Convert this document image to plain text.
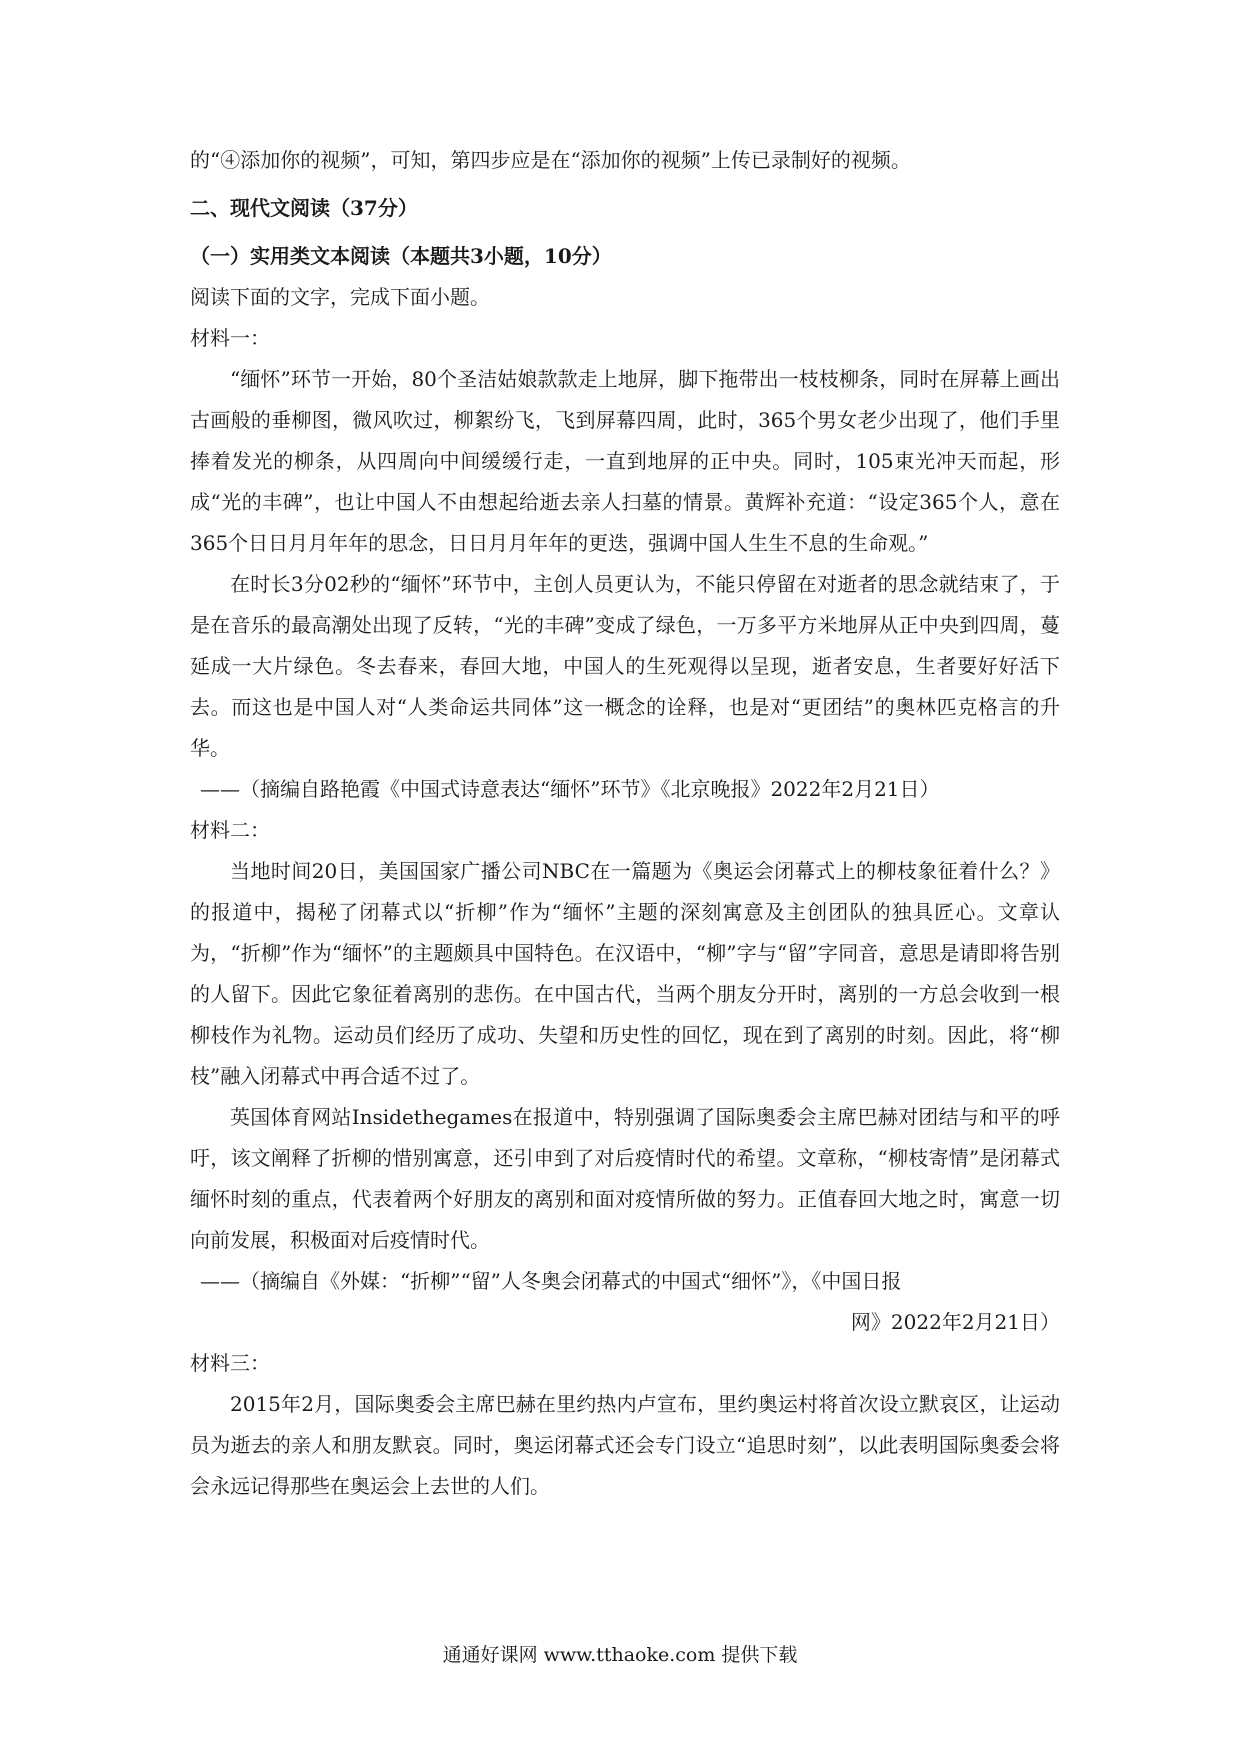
的“④添加你的视频”，可知，第四步应是在“添加你的视频”上传已录制好的视频。

二、现代文阅读（37分）

（一）实用类文本阅读（本题共3小题，10分）

阅读下面的文字，完成下面小题。

材料一：

“缅怀”环节一开始，80个圣洁姑娘款款走上地屏，脚下拖带出一枝枝柳条，同时在屏幕上画出古画般的垂柳图，微风吹过，柳絮纷飞，飞到屏幕四周，此时，365个男女老少出现了，他们手里捧着发光的柳条，从四周向中间缓缓行走，一直到地屏的正中央。同时，105束光冲天而起，形成“光的丰碑”，也让中国人不由想起给逝去亲人扫墓的情景。黄辉补充道：“设定365个人，意在365个日日月月年年的思念，日日月月年年的更迭，强调中国人生生不息的生命观。”

在时长3分02秒的“缅怀”环节中，主创人员更认为，不能只停留在对逝者的思念就结束了，于是在音乐的最高潮处出现了反转，“光的丰碑”变成了绿色，一万多平方米地屏从正中央到四周，蔓延成一大片绿色。冬去春来，春回大地，中国人的生死观得以呈现，逝者安息，生者要好好活下去。而这也是中国人对“人类命运共同体”这一概念的诠释，也是对“更团结”的奥林匹克格言的升华。

——（摘编自路艳霞《中国式诗意表达“缅怀”环节》《北京晚报》2022年2月21日）

材料二：

当地时间20日，美国国家广播公司NBC在一篇题为《奥运会闭幕式上的柳枝象征着什么？》的报道中，揭秘了闭幕式以“折柳”作为“缅怀”主题的深刻寓意及主创团队的独具匠心。文章认为，“折柳”作为“缅怀”的主题颇具中国特色。在汉语中，“柳”字与“留”字同音，意思是请即将告别的人留下。因此它象征着离别的悲伤。在中国古代，当两个朋友分开时，离别的一方总会收到一根柳枝作为礼物。运动员们经历了成功、失望和历史性的回忆，现在到了离别的时刻。因此，将“柳枝”融入闭幕式中再合适不过了。

英国体育网站Insidethegames在报道中，特别强调了国际奥委会主席巴赫对团结与和平的呼吁，该文阐释了折柳的惜别寓意，还引申到了对后疫情时代的希望。文章称，“柳枝寄情”是闭幕式缅怀时刻的重点，代表着两个好朋友的离别和面对疫情所做的努力。正值春回大地之时，寓意一切向前发展，积极面对后疫情时代。

——（摘编自《外媒：“折柳”“留”人冬奥会闭幕式的中国式“细怀”》，《中国日报

网》2022年2月21日）

材料三：

2015年2月，国际奥委会主席巴赫在里约热内卢宣布，里约奥运村将首次设立默哀区，让运动员为逝去的亲人和朋友默哀。同时，奥运闭幕式还会专门设立“追思时刻”，以此表明国际奥委会将会永远记得那些在奥运会上去世的人们。

通通好课网 www.tthaoke.com 提供下载
